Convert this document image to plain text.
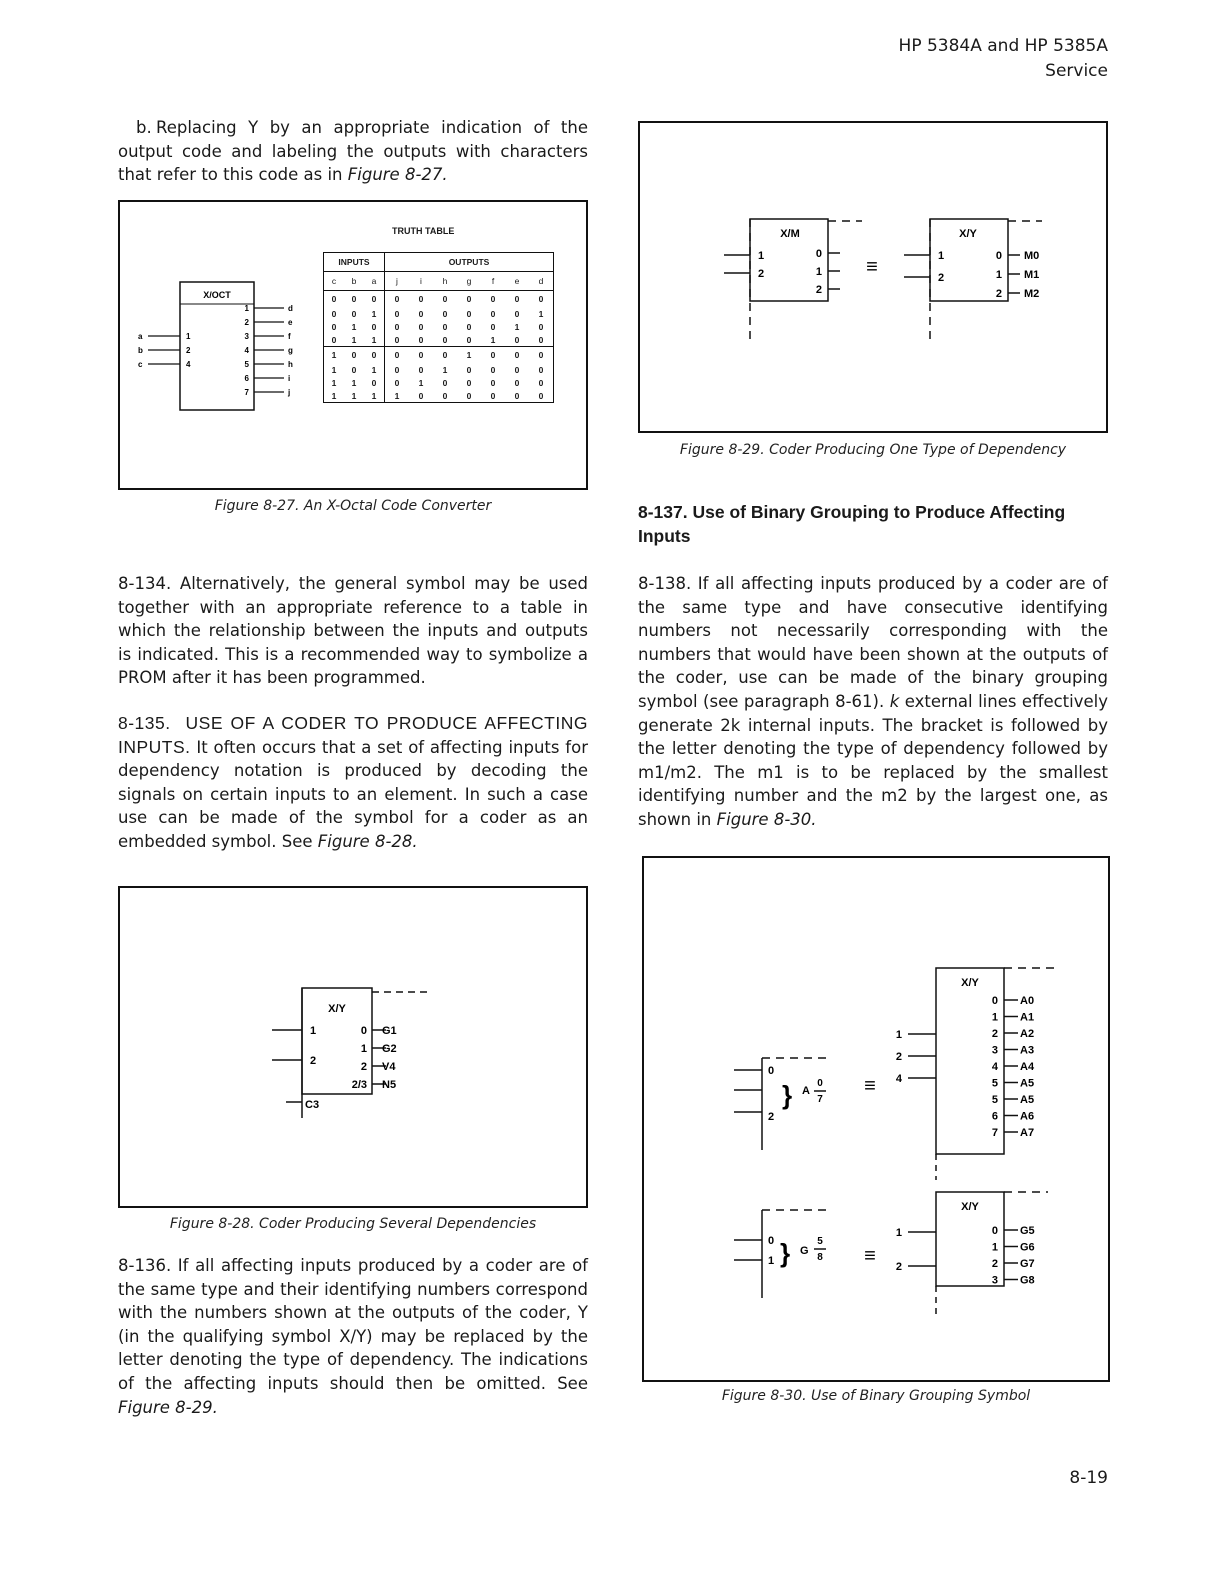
HP 5384A and HP 5385A
Service
b. Replacing Y by an appropriate indication of the output code and labeling the outputs with characters that refer to this code as in Figure 8-27.
X/OCT
a	1
b	2
c	4
1	d
2	e
3	f
4	g
5	h
6	i
7	j
TRUTH TABLE
INPUTS	OUTPUTS
c	b	a	j	i	h	g	f	e	d
0	0	0	0	0	0	0	0	0	0
0	0	1	0	0	0	0	0	0	1
0	1	0	0	0	0	0	0	1	0
0	1	1	0	0	0	0	1	0	0
1	0	0	0	0	0	1	0	0	0
1	0	1	0	0	1	0	0	0	0
1	1	0	0	1	0	0	0	0	0
1	1	1	1	0	0	0	0	0	0
Figure 8-27. An X-Octal Code Converter
8-134. Alternatively, the general symbol may be used together with an appropriate reference to a table in which the relationship between the inputs and outputs is indicated. This is a recommended way to symbolize a PROM after it has been programmed.
8-135. USE OF A CODER TO PRODUCE AFFECTING INPUTS. It often occurs that a set of affecting inputs for dependency notation is produced by decoding the signals on certain inputs to an element. In such a case use can be made of the symbol for a coder as an embedded symbol. See Figure 8-28.
X/Y
1
2
C3
0 G1
1 G2
2 V4
2/3 N5
Figure 8-28. Coder Producing Several Dependencies
8-136. If all affecting inputs produced by a coder are of the same type and their identifying numbers correspond with the numbers shown at the outputs of the coder, Y (in the qualifying symbol X/Y) may be replaced by the letter denoting the type of dependency. The indications of the affecting inputs should then be omitted. See Figure 8-29.
X/M
1
2
0
1
2
≡
X/Y
1
2
0 M0
1 M1
2 M2
Figure 8-29. Coder Producing One Type of Dependency
8-137. Use of Binary Grouping to Produce Affecting Inputs
8-138. If all affecting inputs produced by a coder are of the same type and have consecutive identifying numbers not necessarily corresponding with the numbers that would have been shown at the outputs of the coder, use can be made of the binary grouping symbol (see paragraph 8-61). k external lines effectively generate 2k internal inputs. The bracket is followed by the letter denoting the type of dependency followed by m1/m2. The m1 is to be replaced by the smallest identifying number and the m2 by the largest one, as shown in Figure 8-30.
X/Y
0 A0
1 A1
2 A2
3 A3
4 A4
5 A5
5 A5
6 A6
7 A7
1
2
4
0
2
} A
0
7
≡
X/Y
0 G5
1 G6
2 G7
3 G8
1
2
0
1 } G
5
8 ≡
Figure 8-30. Use of Binary Grouping Symbol
8-19
